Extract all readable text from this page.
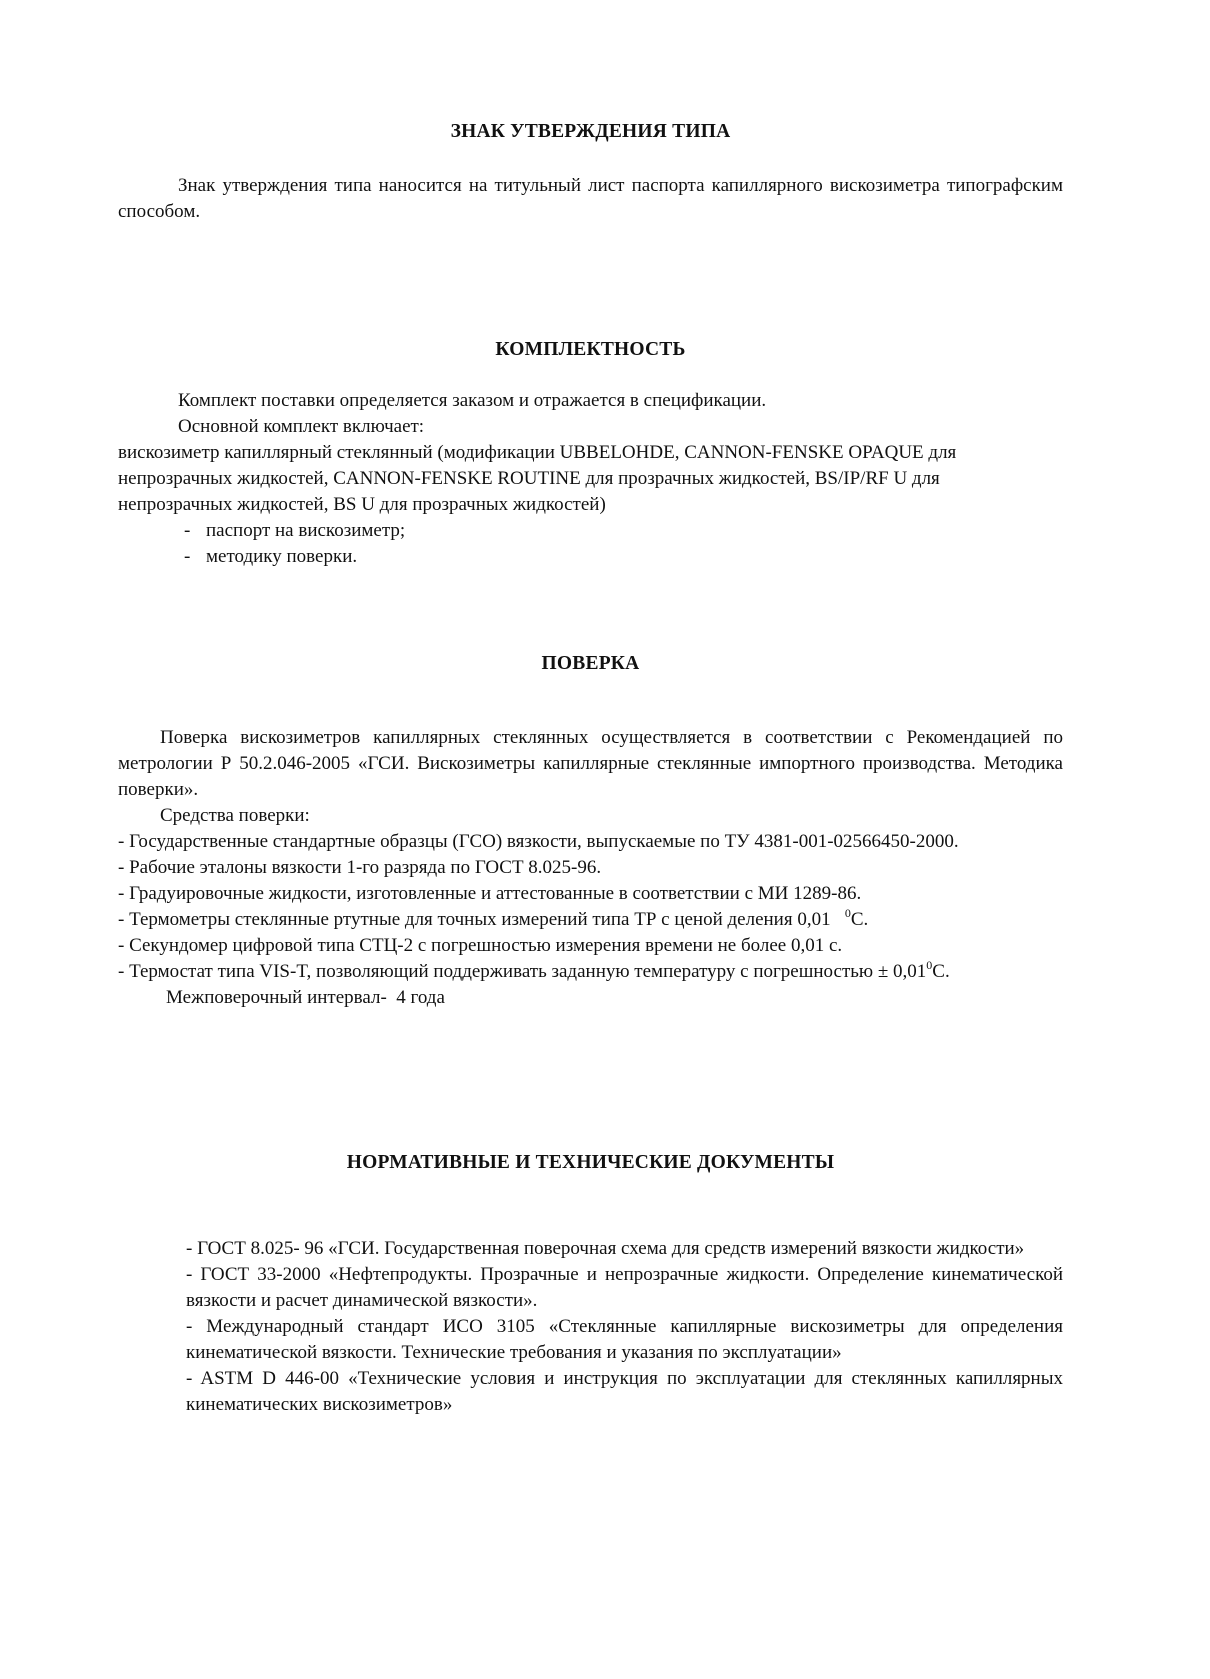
ЗНАК УТВЕРЖДЕНИЯ ТИПА

Знак утверждения типа наносится на титульный лист паспорта капиллярного вискозиметра типографским способом.

КОМПЛЕКТНОСТЬ

Комплект поставки определяется заказом и отражается в спецификации.

Основной комплект включает:

вискозиметр капиллярный стеклянный (модификации UBBELOHDE, CANNON-FENSKE OPAQUE для непрозрачных жидкостей, CANNON-FENSKE ROUTINE для прозрачных жидкостей, BS/IP/RF U для непрозрачных жидкостей, BS U для прозрачных жидкостей)

- паспорт на вискозиметр;

- методику поверки.

ПОВЕРКА

Поверка вискозиметров капиллярных стеклянных осуществляется в соответствии с Рекомендацией по метрологии Р 50.2.046-2005 «ГСИ. Вискозиметры капиллярные стеклянные импортного производства. Методика поверки».

Средства поверки:

- Государственные стандартные образцы (ГСО) вязкости, выпускаемые по ТУ 4381-001-02566450-2000.

- Рабочие эталоны вязкости 1-го разряда по ГОСТ 8.025-96.

- Градуировочные жидкости, изготовленные и аттестованные в соответствии с МИ 1289-86.

- Термометры стеклянные ртутные для точных измерений типа ТР с ценой деления 0,01 $^0$С.

- Секундомер цифровой типа СТЦ-2 с погрешностью измерения времени не более 0,01 с.

- Термостат типа VIS-T, позволяющий поддерживать заданную температуру с погрешностью ± $0,01^0С$.

Межповерочный интервал-  4 года

НОРМАТИВНЫЕ И ТЕХНИЧЕСКИЕ ДОКУМЕНТЫ

- ГОСТ 8.025- 96 «ГСИ. Государственная поверочная схема для средств измерений вязкости жидкости»

- ГОСТ 33-2000 «Нефтепродукты. Прозрачные и непрозрачные жидкости. Определение кинематической вязкости и расчет динамической вязкости».

- Международный стандарт ИСО 3105 «Стеклянные капиллярные вискозиметры для определения кинематической вязкости. Технические требования и указания по эксплуатации»

- ASTM D 446-00 «Технические условия и инструкция по эксплуатации для стеклянных капиллярных кинематических вискозиметров»
